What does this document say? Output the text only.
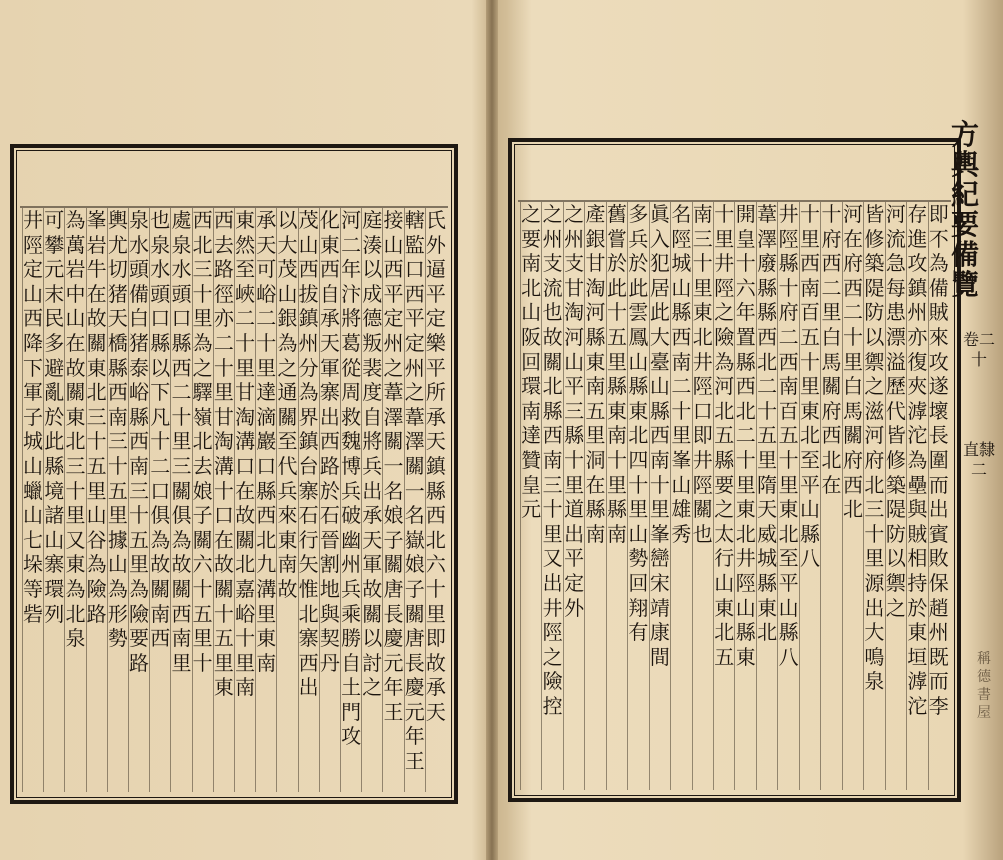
氏
外
逼
平
定
樂
平
所
承
天
鎮
縣
西
北
六
十
里
即
故
承
天
轄
監
口
西
平
定
州
之
葦
澤
關
一
名
嶽
娘
子
關
唐
長
慶
元
年
王
接
山
西
平
定
州
之
葦
澤
關
一
名
娘
子
關
唐
長
慶
元
年
王
庭
湊
以
成
德
叛
裴
度
自
將
兵
出
承
天
軍
故
關
以
討
之
河
二
年
汴
將
葛
從
周
救
魏
博
兵
破
幽
州
兵
乘
勝
自
土
門
攻
化
東
西
自
承
天
軍
寨
出
西
路
於
石
晉
割
地
與
契
丹
茂
山
西
拔
鎮
州
分
為
界
鎮
台
寨
石
行
矢
惟
北
寨
西
出
以
大
茂
山
銀
為
之
通
關
至
代
兵
來
東
南
故
承
天
可
峪
二
十
里
達
滴
巖
口
縣
西
北
九
溝
里
東
南
東
然
至
峽
二
十
里
甘
淘
溝
口
在
故
關
北
嘉
峪
十
里
南
西
去
路
徑
亦
二
十
里
甘
淘
溝
十
口
在
故
關
十
五
里
東
西
北
三
十
里
為
之
驛
嶺
北
去
娘
子
關
六
十
五
里
十
處
泉
水
頭
口
縣
西
二
十
里
三
關
俱
為
故
關
西
南
里
也
泉
水
頭
口
縣
以
下
凡
十
二
口
俱
為
故
關
南
西
泉
水
頭
備
白
猪
泰
峪
縣
西
南
三
十
五
里
為
險
要
路
輿
尤
切
猪
天
橋
縣
西
南
三
十
五
里
據
山
為
形
勢
峯
岩
牛
在
故
關
東
北
三
十
五
里
山
谷
為
險
路
為
萬
岩
中
山
在
故
關
東
北
三
十
里
又
東
為
北
泉
可
攀
元
末
民
多
避
亂
於
此
縣
境
諸
山
寨
環
列
井
陘
定
山
西
降
下
軍
子
城
山
蠟
山
七
垛
等
砦
即
不
為
備
賊
來
攻
遂
壞
長
圍
而
出
賓
敗
保
趙
州
既
而
李
存
進
攻
鎮
州
亦
復
夾
滹
沱
為
壘
與
賊
相
持
於
東
垣
滹
沱
河
流
急
每
患
漂
溢
歷
代
皆
修
築
隄
防
以
禦
之
皆
修
築
隄
防
以
禦
之
滋
河
府
北
三
十
里
源
出
大
鳴
泉
河
在
府
西
二
十
里
白
馬
關
府
西
北
十
府
西
二
里
白
馬
關
府
西
北
在
十
里
西
南
百
五
十
里
東
北
至
平
山
縣
八
井
陘
縣
十
府
二
西
南
百
五
十
里
東
北
至
平
山
縣
八
葦
澤
廢
縣
縣
西
北
二
十
五
里
隋
天
威
城
縣
東
北
開
皇
十
六
年
置
縣
西
北
二
十
里
東
北
井
陘
山
縣
東
十
里
井
陘
之
險
為
河
北
五
縣
要
之
太
行
山
東
北
五
南
三
十
里
東
北
井
陘
口
即
井
陘
關
也
名
陘
城
山
縣
西
南
二
十
里
峯
山
雄
秀
眞
入
犯
居
此
大
臺
山
縣
西
南
十
里
峯
巒
宋
靖
康
間
多
兵
於
此
雲
鳳
山
縣
東
北
四
十
里
山
勢
回
翔
有
舊
嘗
於
此
十
五
里
縣
東
南
十
里
縣
南
產
銀
甘
淘
河
縣
東
南
五
里
洞
在
縣
南
之
州
支
甘
淘
河
山
平
三
縣
十
里
道
出
平
定
外
之
州
支
流
也
故
關
北
縣
西
南
三
十
里
又
出
井
陘
之
險
控
之
要
南
北
山
阪
回
環
南
達
贊
皇
元
方輿紀要備覽
卷二十
直隸二
稱德書屋
